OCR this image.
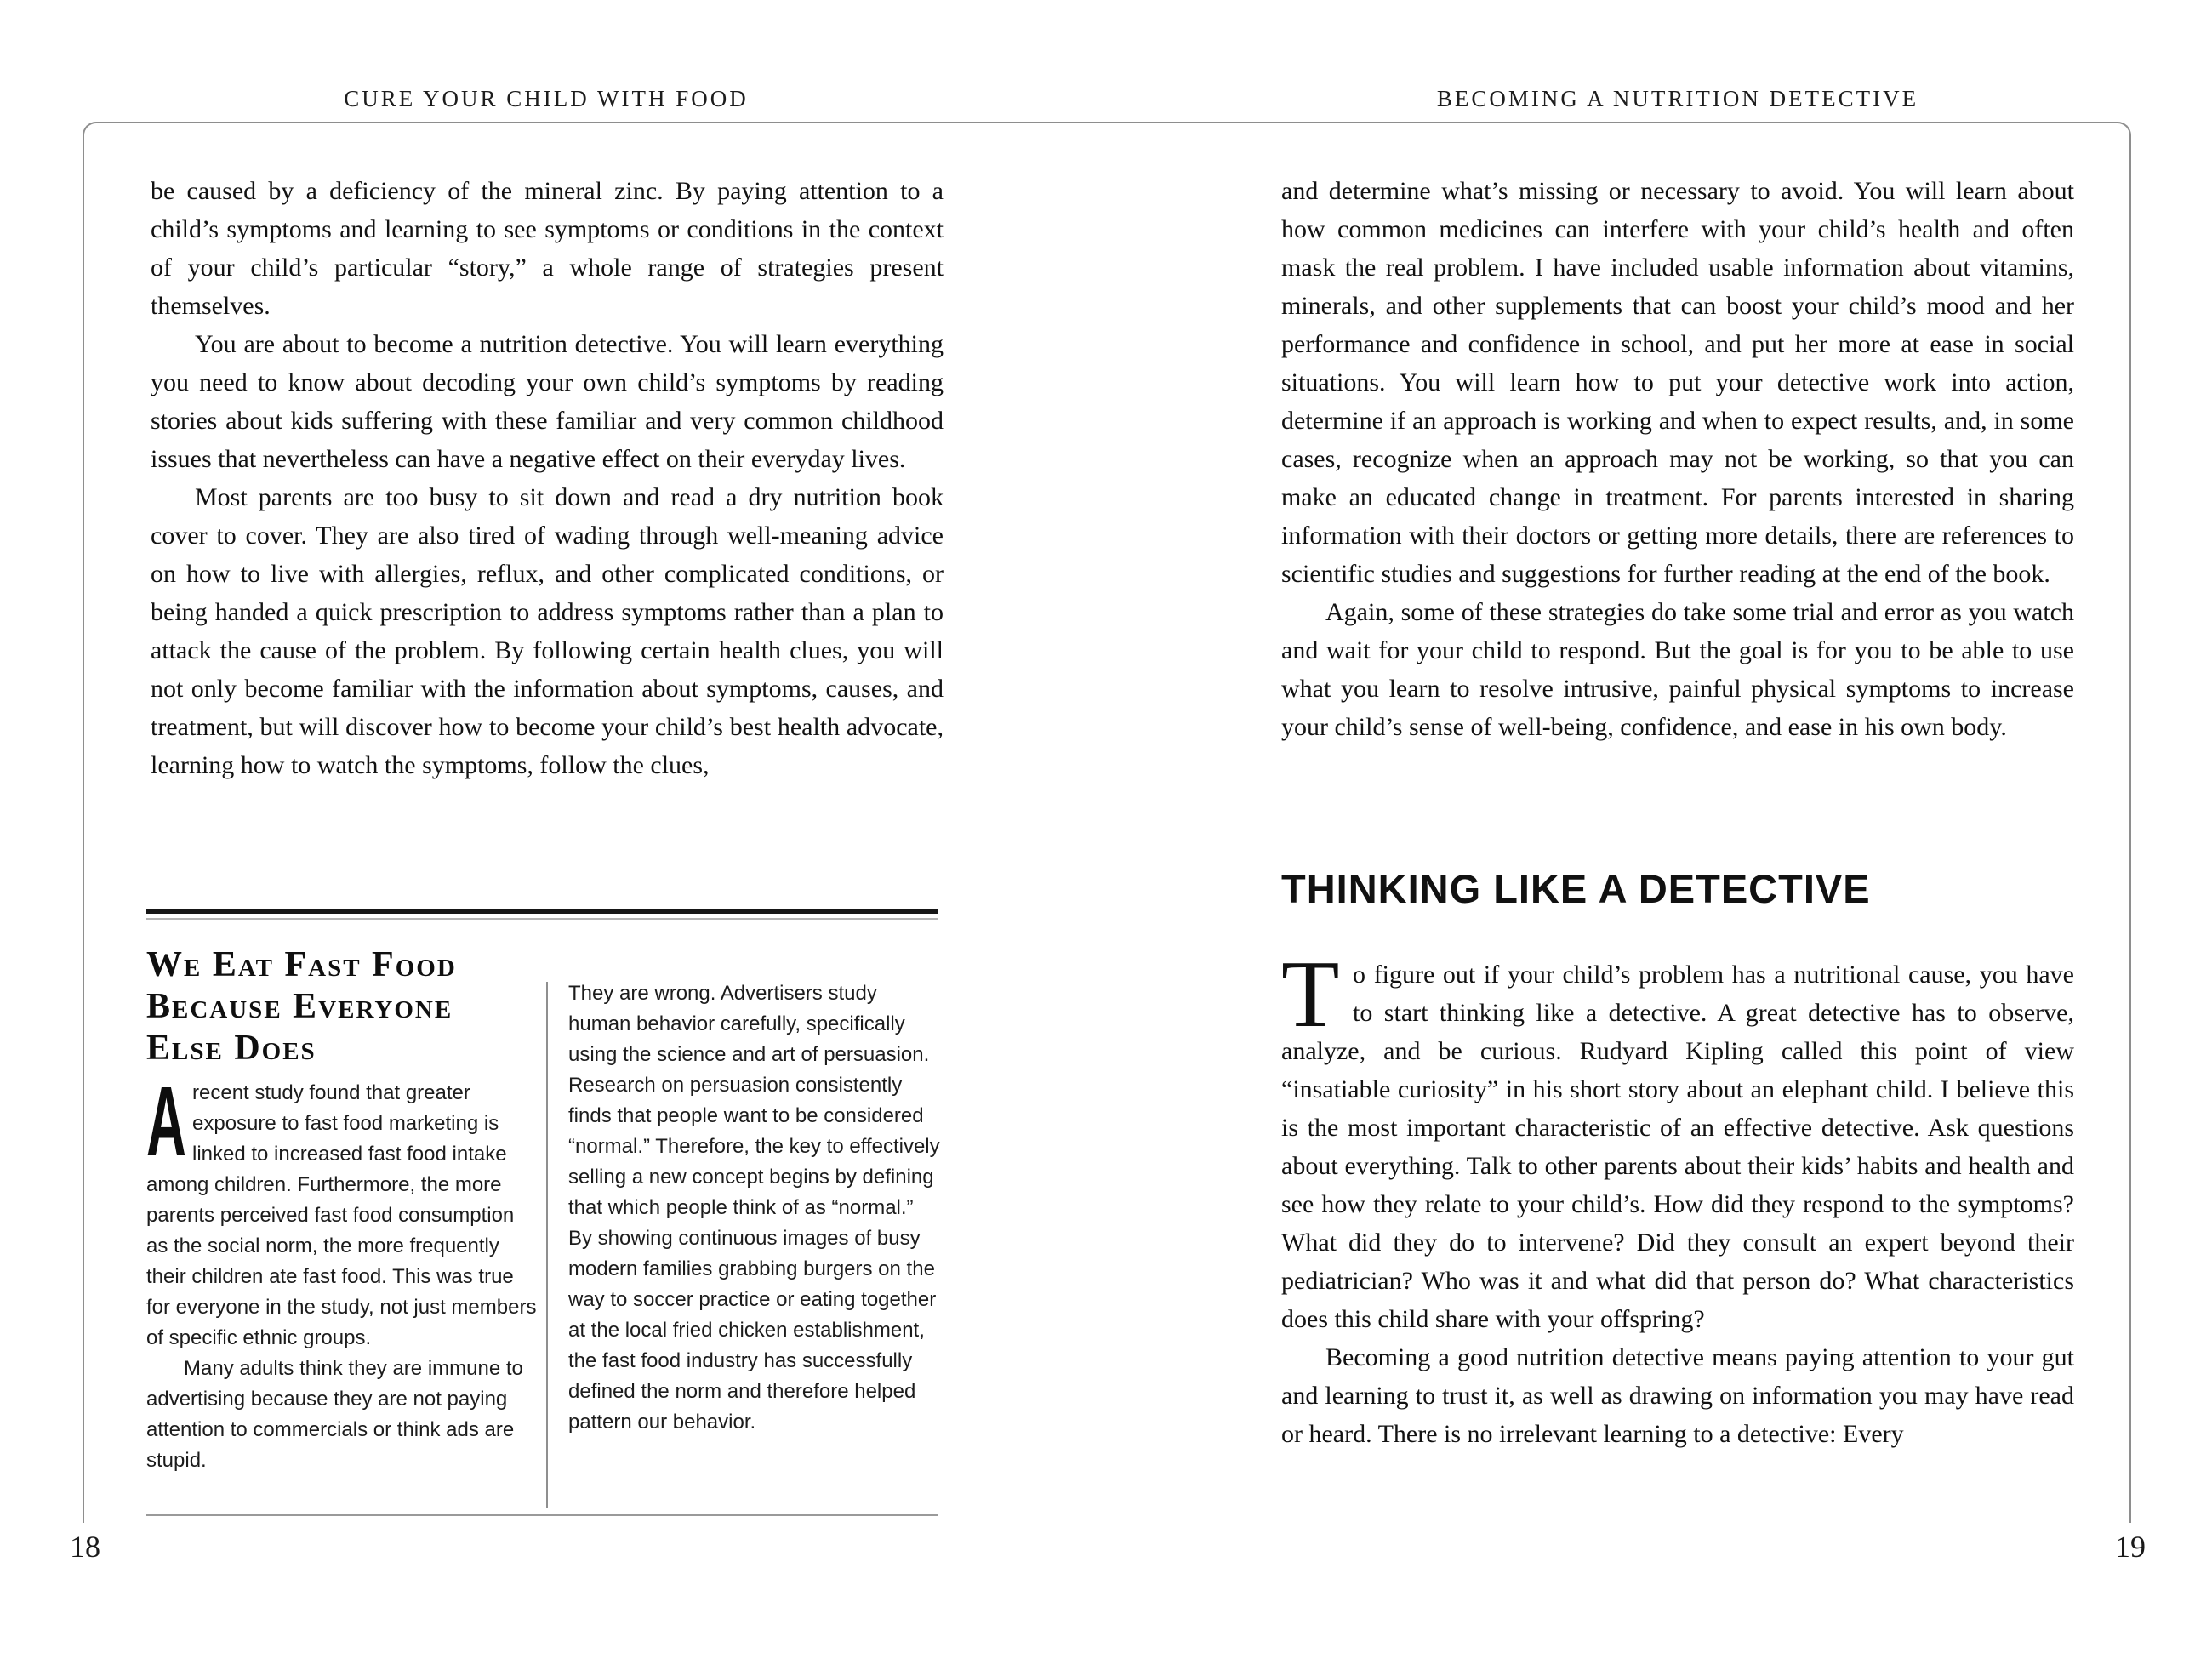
CURE YOUR CHILD WITH FOOD	BECOMING A NUTRITION DETECTIVE

be caused by a deficiency of the mineral zinc. By paying attention to a child’s symptoms and learning to see symptoms or conditions in the context of your child’s particular “story,” a whole range of strategies present themselves.

You are about to become a nutrition detective. You will learn everything you need to know about decoding your own child’s symptoms by reading stories about kids suffering with these familiar and very common childhood issues that nevertheless can have a negative effect on their everyday lives.

Most parents are too busy to sit down and read a dry nutrition book cover to cover. They are also tired of wading through well-meaning advice on how to live with allergies, reflux, and other complicated conditions, or being handed a quick prescription to address symptoms rather than a plan to attack the cause of the problem. By following certain health clues, you will not only become familiar with the information about symptoms, causes, and treatment, but will discover how to become your child’s best health advocate, learning how to watch the symptoms, follow the clues,

We Eat Fast Food
Because Everyone
Else Does

Arecent study found that greater exposure to fast food marketing is linked to increased fast food intake among children. Furthermore, the more parents perceived fast food consumption as the social norm, the more frequently their children ate fast food. This was true for everyone in the study, not just members of specific ethnic groups.

Many adults think they are immune to advertising because they are not paying attention to commercials or think ads are stupid.

They are wrong. Advertisers study human behavior carefully, specifically using the science and art of persuasion. Research on persuasion consistently finds that people want to be considered “normal.” Therefore, the key to effectively selling a new concept begins by defining that which people think of as “normal.” By showing continuous images of busy modern families grabbing burgers on the way to soccer practice or eating together at the local fried chicken establishment, the fast food industry has successfully defined the norm and therefore helped pattern our behavior.

and determine what’s missing or necessary to avoid. You will learn about how common medicines can interfere with your child’s health and often mask the real problem. I have included usable information about vitamins, minerals, and other supplements that can boost your child’s mood and her performance and confidence in school, and put her more at ease in social situations. You will learn how to put your detective work into action, determine if an approach is working and when to expect results, and, in some cases, recognize when an approach may not be working, so that you can make an educated change in treatment. For parents interested in sharing information with their doctors or getting more details, there are references to scientific studies and suggestions for further reading at the end of the book.

Again, some of these strategies do take some trial and error as you watch and wait for your child to respond. But the goal is for you to be able to use what you learn to resolve intrusive, painful physical symptoms to increase your child’s sense of well-being, confidence, and ease in his own body.

THINKING LIKE A DETECTIVE

To figure out if your child’s problem has a nutritional cause, you have to start thinking like a detective. A great detective has to observe, analyze, and be curious. Rudyard Kipling called this point of view “insatiable curiosity” in his short story about an elephant child. I believe this is the most important characteristic of an effective detective. Ask questions about everything. Talk to other parents about their kids’ habits and health and see how they relate to your child’s. How did they respond to the symptoms? What did they do to intervene? Did they consult an expert beyond their pediatrician? Who was it and what did that person do? What characteristics does this child share with your offspring?

Becoming a good nutrition detective means paying attention to your gut and learning to trust it, as well as drawing on information you may have read or heard. There is no irrelevant learning to a detective: Every

18	19
